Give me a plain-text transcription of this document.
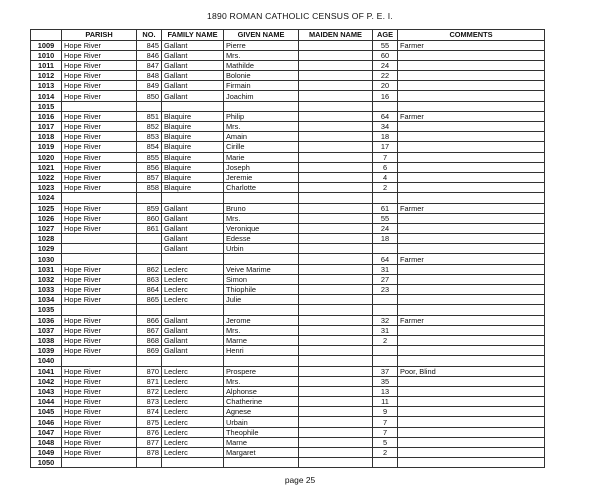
1890 ROMAN CATHOLIC CENSUS OF P. E. I.
	PARISH	NO.	FAMILY NAME	GIVEN NAME	MAIDEN NAME	AGE	COMMENTS
1009	Hope River	845	Gallant	Pierre		55	Farmer
1010	Hope River	846	Gallant	Mrs.		60	
1011	Hope River	847	Gallant	Mathilde		24	
1012	Hope River	848	Gallant	Bolonie		22	
1013	Hope River	849	Gallant	Firmain		20	
1014	Hope River	850	Gallant	Joachim		16	
1015							
1016	Hope River	851	Blaquire	Philip		64	Farmer
1017	Hope River	852	Blaquire	Mrs.		34	
1018	Hope River	853	Blaquire	Amain		18	
1019	Hope River	854	Blaquire	Cirille		17	
1020	Hope River	855	Blaquire	Marie		7	
1021	Hope River	856	Blaquire	Joseph		6	
1022	Hope River	857	Blaquire	Jeremie		4	
1023	Hope River	858	Blaquire	Charlotte		2	
1024							
1025	Hope River	859	Gallant	Bruno		61	Farmer
1026	Hope River	860	Gallant	Mrs.		55	
1027	Hope River	861	Gallant	Veronique		24	
1028			Gallant	Edesse		18	
1029			Gallant	Urbin			
1030						64	Farmer
1031	Hope River	862	Leclerc	Veive Marime		31	
1032	Hope River	863	Leclerc	Simon		27	
1033	Hope River	864	Leclerc	Thiophile		23	
1034	Hope River	865	Leclerc	Julie			
1035							
1036	Hope River	866	Gallant	Jerome		32	Farmer
1037	Hope River	867	Gallant	Mrs.		31	
1038	Hope River	868	Gallant	Marne		2	
1039	Hope River	869	Gallant	Henri			
1040							
1041	Hope River	870	Leclerc	Prospere		37	Poor, Blind
1042	Hope River	871	Leclerc	Mrs.		35	
1043	Hope River	872	Leclerc	Alphonse		13	
1044	Hope River	873	Leclerc	Chatherine		11	
1045	Hope River	874	Leclerc	Agnese		9	
1046	Hope River	875	Leclerc	Urbain		7	
1047	Hope River	876	Leclerc	Theophile		7	
1048	Hope River	877	Leclerc	Marne		5	
1049	Hope River	878	Leclerc	Margaret		2	
1050							
page 25
